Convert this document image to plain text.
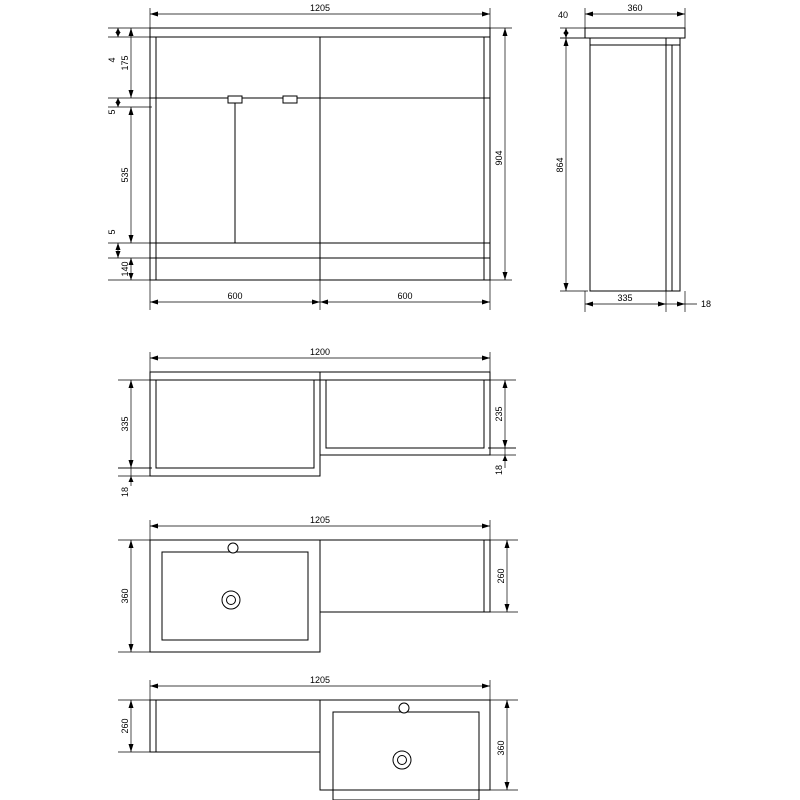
1205
904
4 175
5
535
5
140
600	600
360
40
864
335
18
1200
335
18
235
18
1205
360
260
1205
260
360
